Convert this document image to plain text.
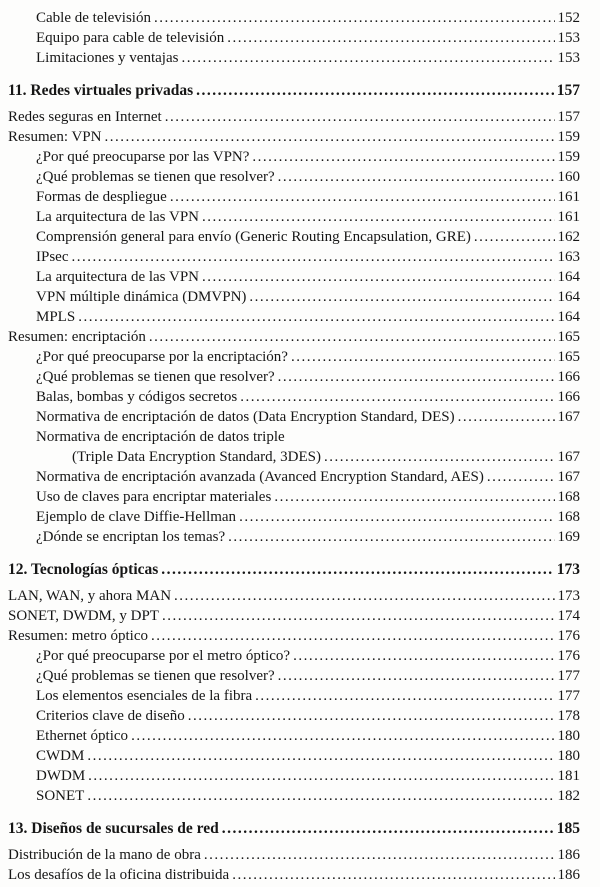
Cable de televisión .....	152
Equipo para cable de televisión .....	153
Limitaciones y ventajas .....	153
11. Redes virtuales privadas .....	157
Redes seguras en Internet .....	157
Resumen: VPN .....	159
¿Por qué preocuparse por las VPN? .....	159
¿Qué problemas se tienen que resolver? .....	160
Formas de despliegue .....	161
La arquitectura de las VPN .....	161
Comprensión general para envío (Generic Routing Encapsulation, GRE) .....	162
IPsec .....	163
La arquitectura de las VPN .....	164
VPN múltiple dinámica (DMVPN) .....	164
MPLS .....	164
Resumen: encriptación .....	165
¿Por qué preocuparse por la encriptación? .....	165
¿Qué problemas se tienen que resolver? .....	166
Balas, bombas y códigos secretos .....	166
Normativa de encriptación de datos (Data Encryption Standard, DES) .....	167
Normativa de encriptación de datos triple
(Triple Data Encryption Standard, 3DES) .....	167
Normativa de encriptación avanzada (Avanced Encryption Standard, AES) .....	167
Uso de claves para encriptar materiales .....	168
Ejemplo de clave Diffie-Hellman .....	168
¿Dónde se encriptan los temas? .....	169
12. Tecnologías ópticas .....	173
LAN, WAN, y ahora MAN .....	173
SONET, DWDM, y DPT .....	174
Resumen: metro óptico .....	176
¿Por qué preocuparse por el metro óptico? .....	176
¿Qué problemas se tienen que resolver? .....	177
Los elementos esenciales de la fibra .....	177
Criterios clave de diseño .....	178
Ethernet óptico .....	180
CWDM .....	180
DWDM .....	181
SONET .....	182
13. Diseños de sucursales de red .....	185
Distribución de la mano de obra .....	186
Los desafíos de la oficina distribuida .....	186
